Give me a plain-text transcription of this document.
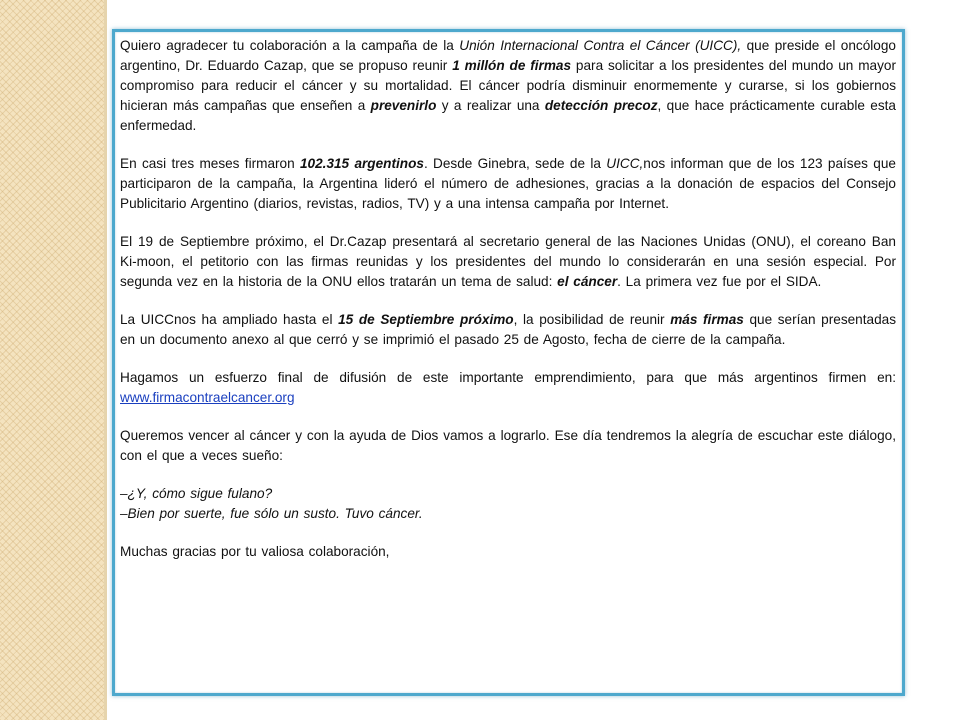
Quiero agradecer tu colaboración a la campaña de la Unión Internacional Contra el Cáncer (UICC), que preside el oncólogo argentino, Dr. Eduardo Cazap, que se propuso reunir 1 millón de firmas para solicitar a los presidentes del mundo un mayor compromiso para reducir el cáncer y su mortalidad. El cáncer podría disminuir enormemente y curarse, si los gobiernos hicieran más campañas que enseñen a prevenirlo y a realizar una detección precoz, que hace prácticamente curable esta enfermedad.

En casi tres meses firmaron 102.315 argentinos. Desde Ginebra, sede de la UICC,nos informan que de los 123 países que participaron de la campaña, la Argentina lideró el número de adhesiones, gracias a la donación de espacios del Consejo Publicitario Argentino (diarios, revistas, radios, TV) y a una intensa campaña por Internet.

El 19 de Septiembre próximo, el Dr.Cazap presentará al secretario general de las Naciones Unidas (ONU), el coreano Ban Ki-moon, el petitorio con las firmas reunidas y los presidentes del mundo lo considerarán en una sesión especial. Por segunda vez en la historia de la ONU ellos tratarán un tema de salud: el cáncer. La primera vez fue por el SIDA.

La UICCnos ha ampliado hasta el 15 de Septiembre próximo, la posibilidad de reunir más firmas que serían presentadas en un documento anexo al que cerró y se imprimió el pasado 25 de Agosto, fecha de cierre de la campaña.

Hagamos un esfuerzo final de difusión de este importante emprendimiento, para que más argentinos firmen en: www.firmacontraelcancer.org

Queremos vencer al cáncer y con la ayuda de Dios vamos a lograrlo. Ese día tendremos la alegría de escuchar este diálogo, con el que a veces sueño:

–¿Y, cómo sigue fulano?

–Bien por suerte, fue sólo un susto. Tuvo cáncer.

Muchas gracias por tu valiosa colaboración,
